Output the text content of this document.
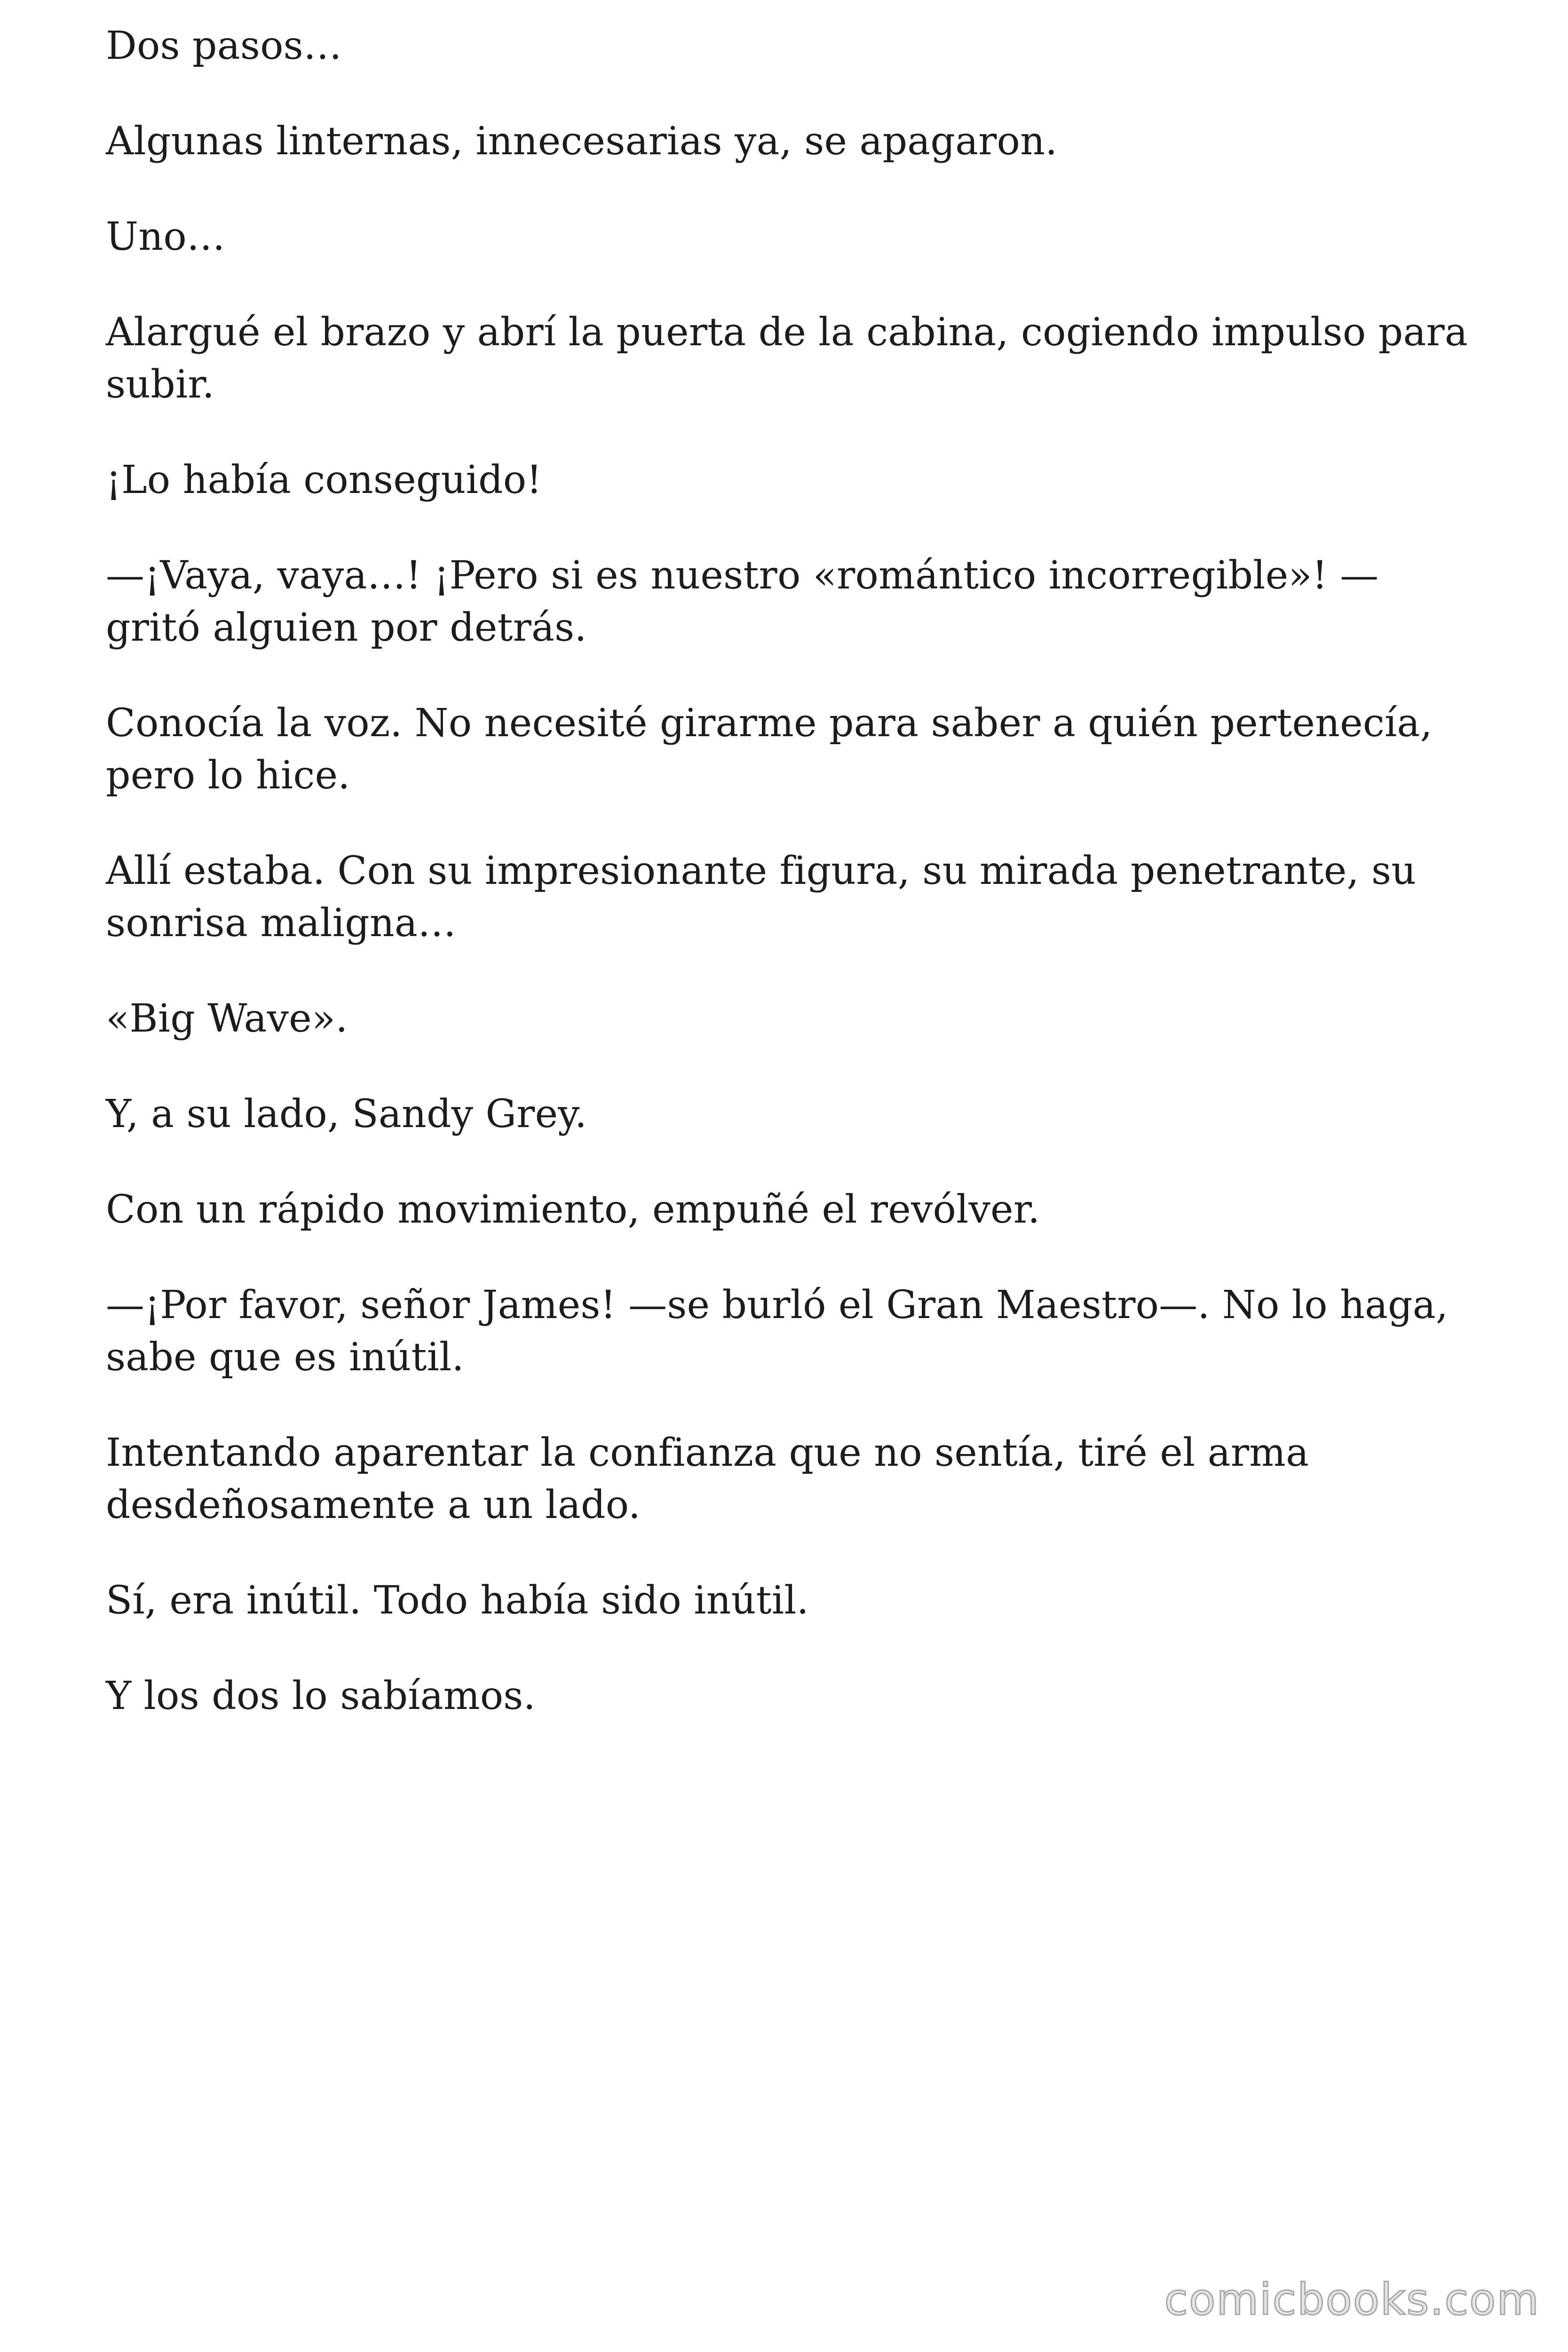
Dos pasos…

Algunas linternas, innecesarias ya, se apagaron.

Uno…

Alargué el brazo y abrí la puerta de la cabina, cogiendo impulso para subir.

¡Lo había conseguido!

—¡Vaya, vaya…! ¡Pero si es nuestro «romántico incorregible»! —gritó alguien por detrás.

Conocía la voz. No necesité girarme para saber a quién pertenecía, pero lo hice.

Allí estaba. Con su impresionante figura, su mirada penetrante, su sonrisa maligna…

«Big Wave».

Y, a su lado, Sandy Grey.

Con un rápido movimiento, empuñé el revólver.

—¡Por favor, señor James! —se burló el Gran Maestro—. No lo haga, sabe que es inútil.

Intentando aparentar la confianza que no sentía, tiré el arma desdeñosamente a un lado.

Sí, era inútil. Todo había sido inútil.

Y los dos lo sabíamos.

comicbooks.com
